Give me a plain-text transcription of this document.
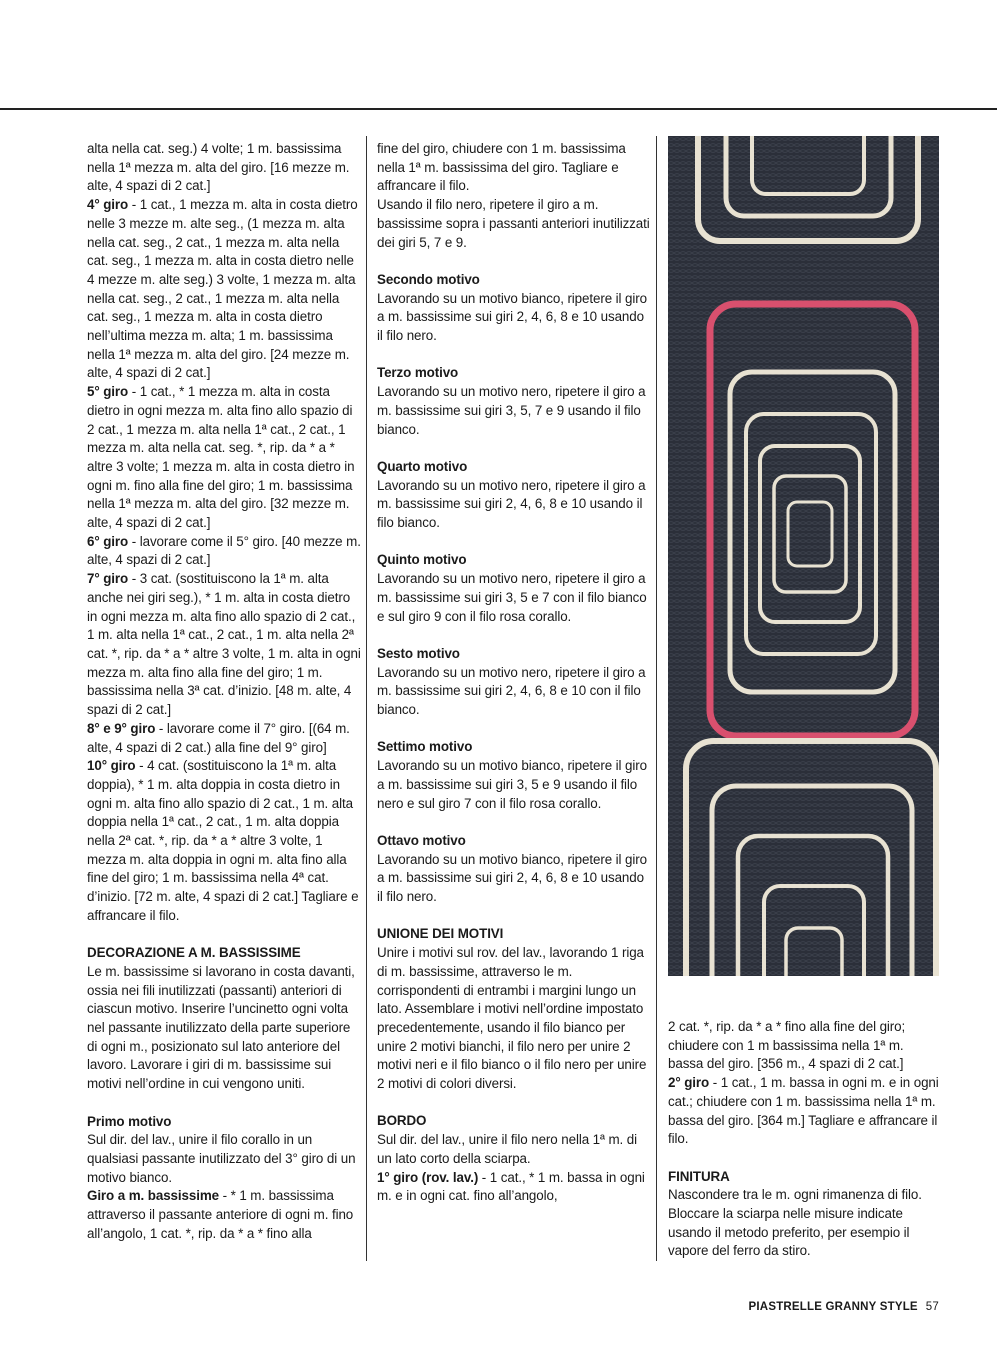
alta nella cat. seg.) 4 volte; 1 m. bassissima nella 1ª mezza m. alta del giro. [16 mezze m. alte, 4 spazi di 2 cat.]

4° giro - 1 cat., 1 mezza m. alta in costa dietro nelle 3 mezze m. alte seg., (1 mezza m. alta nella cat. seg., 2 cat., 1 mezza m. alta nella cat. seg., 1 mezza m. alta in costa dietro nelle 4 mezze m. alte seg.) 3 volte, 1 mezza m. alta nella cat. seg., 2 cat., 1 mezza m. alta nella cat. seg., 1 mezza m. alta in costa dietro nell’ultima mezza m. alta; 1 m. bassissima nella 1ª mezza m. alta del giro. [24 mezze m. alte, 4 spazi di 2 cat.]

5° giro - 1 cat., * 1 mezza m. alta in costa dietro in ogni mezza m. alta fino allo spazio di 2 cat., 1 mezza m. alta nella 1ª cat., 2 cat., 1 mezza m. alta nella cat. seg. *, rip. da * a * altre 3 volte; 1 mezza m. alta in costa dietro in ogni m. fino alla fine del giro; 1 m. bassissima nella 1ª mezza m. alta del giro. [32 mezze m. alte, 4 spazi di 2 cat.]

6° giro - lavorare come il 5° giro. [40 mezze m. alte, 4 spazi di 2 cat.]

7° giro - 3 cat. (sostituiscono la 1ª m. alta anche nei giri seg.), * 1 m. alta in costa dietro in ogni mezza m. alta fino allo spazio di 2 cat., 1 m. alta nella 1ª cat., 2 cat., 1 m. alta nella 2ª cat. *, rip. da * a * altre 3 volte, 1 m. alta in ogni mezza m. alta fino alla fine del giro; 1 m. bassissima nella 3ª cat. d’inizio. [48 m. alte, 4 spazi di 2 cat.]

8° e 9° giro - lavorare come il 7° giro. [(64 m. alte, 4 spazi di 2 cat.) alla fine del 9° giro]

10° giro - 4 cat. (sostituiscono la 1ª m. alta doppia), * 1 m. alta doppia in costa dietro in ogni m. alta fino allo spazio di 2 cat., 1 m. alta doppia nella 1ª cat., 2 cat., 1 m. alta doppia nella 2ª cat. *, rip. da * a * altre 3 volte, 1 mezza m. alta doppia in ogni m. alta fino alla fine del giro; 1 m. bassissima nella 4ª cat. d’inizio. [72 m. alte, 4 spazi di 2 cat.] Tagliare e affrancare il filo.

DECORAZIONE A M. BASSISSIME

Le m. bassissime si lavorano in costa davanti, ossia nei fili inutilizzati (passanti) anteriori di ciascun motivo. Inserire l’uncinetto ogni volta nel passante inutilizzato della parte superiore di ogni m., posizionato sul lato anteriore del lavoro. Lavorare i giri di m. bassissime sui motivi nell’ordine in cui vengono uniti.

Primo motivo

Sul dir. del lav., unire il filo corallo in un qualsiasi passante inutilizzato del 3° giro di un motivo bianco.

Giro a m. bassissime - * 1 m. bassissima attraverso il passante anteriore di ogni m. fino all’angolo, 1 cat. *, rip. da * a * fino alla

fine del giro, chiudere con 1 m. bassissima nella 1ª m. bassissima del giro. Tagliare e affrancare il filo.

Usando il filo nero, ripetere il giro a m. bassissime sopra i passanti anteriori inutilizzati dei giri 5, 7 e 9.

Secondo motivo

Lavorando su un motivo bianco, ripetere il giro a m. bassissime sui giri 2, 4, 6, 8 e 10 usando il filo nero.

Terzo motivo

Lavorando su un motivo nero, ripetere il giro a m. bassissime sui giri 3, 5, 7 e 9 usando il filo bianco.

Quarto motivo

Lavorando su un motivo nero, ripetere il giro a m. bassissime sui giri 2, 4, 6, 8 e 10 usando il filo bianco.

Quinto motivo

Lavorando su un motivo nero, ripetere il giro a m. bassissime sui giri 3, 5 e 7 con il filo bianco e sul giro 9 con il filo rosa corallo.

Sesto motivo

Lavorando su un motivo nero, ripetere il giro a m. bassissime sui giri 2, 4, 6, 8 e 10 con il filo bianco.

Settimo motivo

Lavorando su un motivo bianco, ripetere il giro a m. bassissime sui giri 3, 5 e 9 usando il filo nero e sul giro 7 con il filo rosa corallo.

Ottavo motivo

Lavorando su un motivo bianco, ripetere il giro a m. bassissime sui giri 2, 4, 6, 8 e 10 usando il filo nero.

UNIONE DEI MOTIVI

Unire i motivi sul rov. del lav., lavorando 1 riga di m. bassissime, attraverso le m. corrispondenti di entrambi i margini lungo un lato. Assemblare i motivi nell’ordine impostato precedentemente, usando il filo bianco per unire 2 motivi bianchi, il filo nero per unire 2 motivi neri e il filo bianco o il filo nero per unire 2 motivi di colori diversi.

BORDO

Sul dir. del lav., unire il filo nero nella 1ª m. di un lato corto della sciarpa.

1° giro (rov. lav.) - 1 cat., * 1 m. bassa in ogni m. e in ogni cat. fino all’angolo,

2 cat. *, rip. da * a * fino alla fine del giro; chiudere con 1 m bassissima nella 1ª m. bassa del giro. [356 m., 4 spazi di 2 cat.]

2° giro - 1 cat., 1 m. bassa in ogni m. e in ogni cat.; chiudere con 1 m. bassissima nella 1ª m. bassa del giro. [364 m.] Tagliare e affrancare il filo.

FINITURA

Nascondere tra le m. ogni rimanenza di filo. Bloccare la sciarpa nelle misure indicate usando il metodo preferito, per esempio il vapore del ferro da stiro.

PIASTRELLE GRANNY STYLE 57
